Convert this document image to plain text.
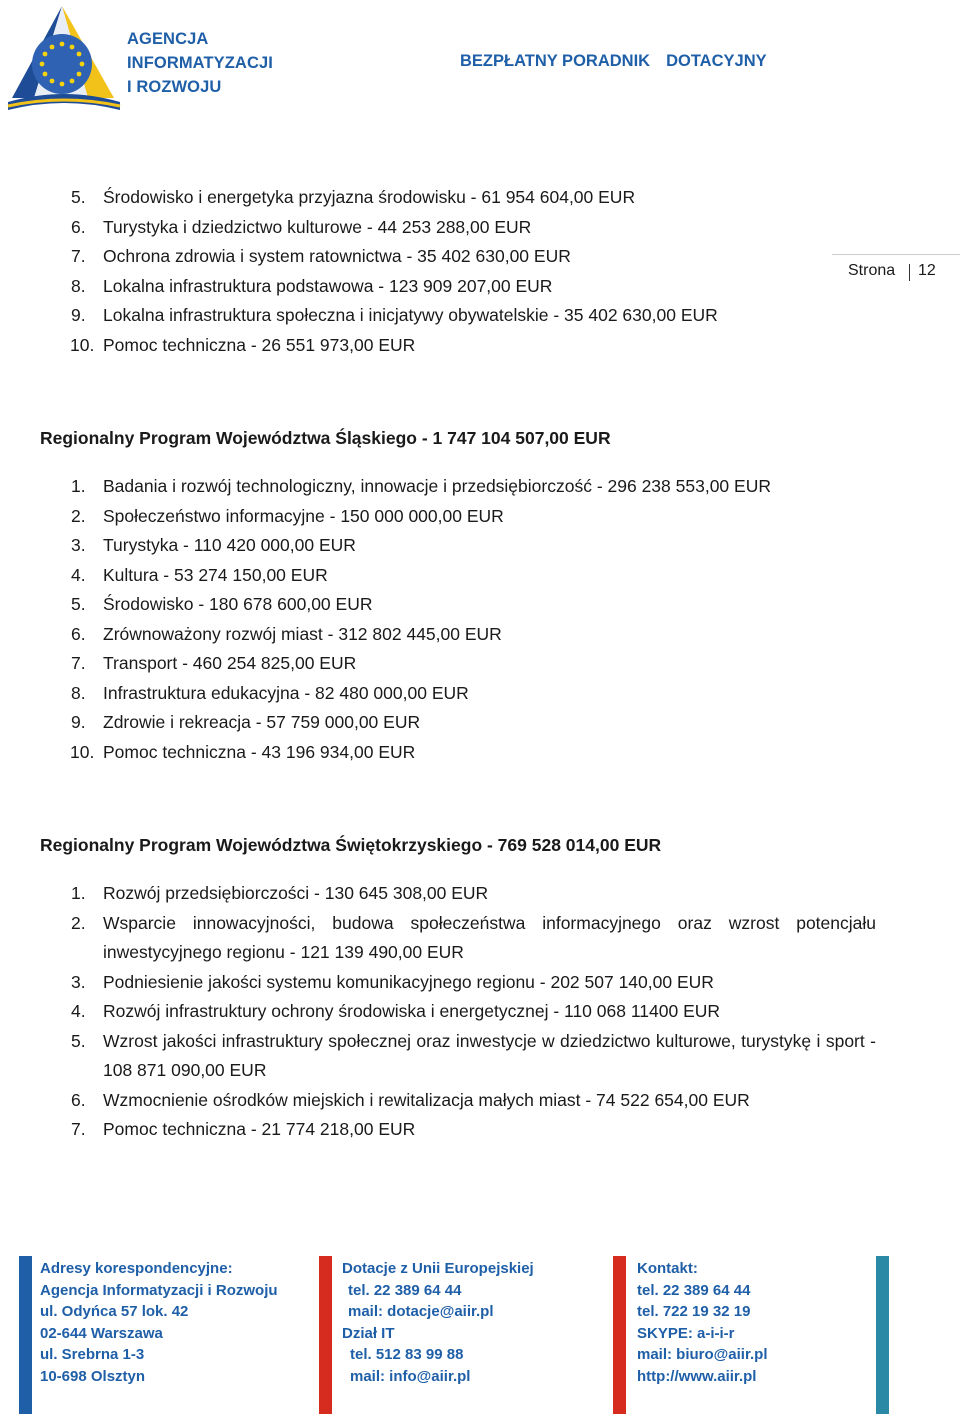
AGENCJA
INFORMATYZACJI
I ROZWOJU
BEZPŁATNY PORADNIK DOTACYJNY
Strona 12
5. Środowisko i energetyka przyjazna środowisku - 61 954 604,00 EUR
6. Turystyka i dziedzictwo kulturowe - 44 253 288,00 EUR
7. Ochrona zdrowia i system ratownictwa - 35 402 630,00 EUR
8. Lokalna infrastruktura podstawowa - 123 909 207,00 EUR
9. Lokalna infrastruktura społeczna i inicjatywy obywatelskie - 35 402 630,00 EUR
10. Pomoc techniczna - 26 551 973,00 EUR
Regionalny Program Województwa Śląskiego - 1 747 104 507,00 EUR
1. Badania i rozwój technologiczny, innowacje i przedsiębiorczość - 296 238 553,00 EUR
2. Społeczeństwo informacyjne - 150 000 000,00 EUR
3. Turystyka - 110 420 000,00 EUR
4. Kultura - 53 274 150,00 EUR
5. Środowisko - 180 678 600,00 EUR
6. Zrównoważony rozwój miast - 312 802 445,00 EUR
7. Transport - 460 254 825,00 EUR
8. Infrastruktura edukacyjna - 82 480 000,00 EUR
9. Zdrowie i rekreacja - 57 759 000,00 EUR
10. Pomoc techniczna - 43 196 934,00 EUR
Regionalny Program Województwa Świętokrzyskiego - 769 528 014,00 EUR
1. Rozwój przedsiębiorczości - 130 645 308,00 EUR
2. Wsparcie innowacyjności, budowa społeczeństwa informacyjnego oraz wzrost potencjału inwestycyjnego regionu - 121 139 490,00 EUR
3. Podniesienie jakości systemu komunikacyjnego regionu - 202 507 140,00 EUR
4. Rozwój infrastruktury ochrony środowiska i energetycznej - 110 068 11400 EUR
5. Wzrost jakości infrastruktury społecznej oraz inwestycje w dziedzictwo kulturowe, turystykę i sport - 108 871 090,00 EUR
6. Wzmocnienie ośrodków miejskich i rewitalizacja małych miast - 74 522 654,00 EUR
7. Pomoc techniczna - 21 774 218,00 EUR
Adresy korespondencyjne:
Agencja Informatyzacji i Rozwoju
ul. Odyńca 57 lok. 42
02-644 Warszawa
ul. Srebrna 1-3
10-698 Olsztyn
Dotacje z Unii Europejskiej
tel. 22 389 64 44
mail: dotacje@aiir.pl
Dział IT
tel. 512 83 99 88
mail: info@aiir.pl
Kontakt:
tel. 22 389 64 44
tel. 722 19 32 19
SKYPE: a-i-i-r
mail: biuro@aiir.pl
http://www.aiir.pl
